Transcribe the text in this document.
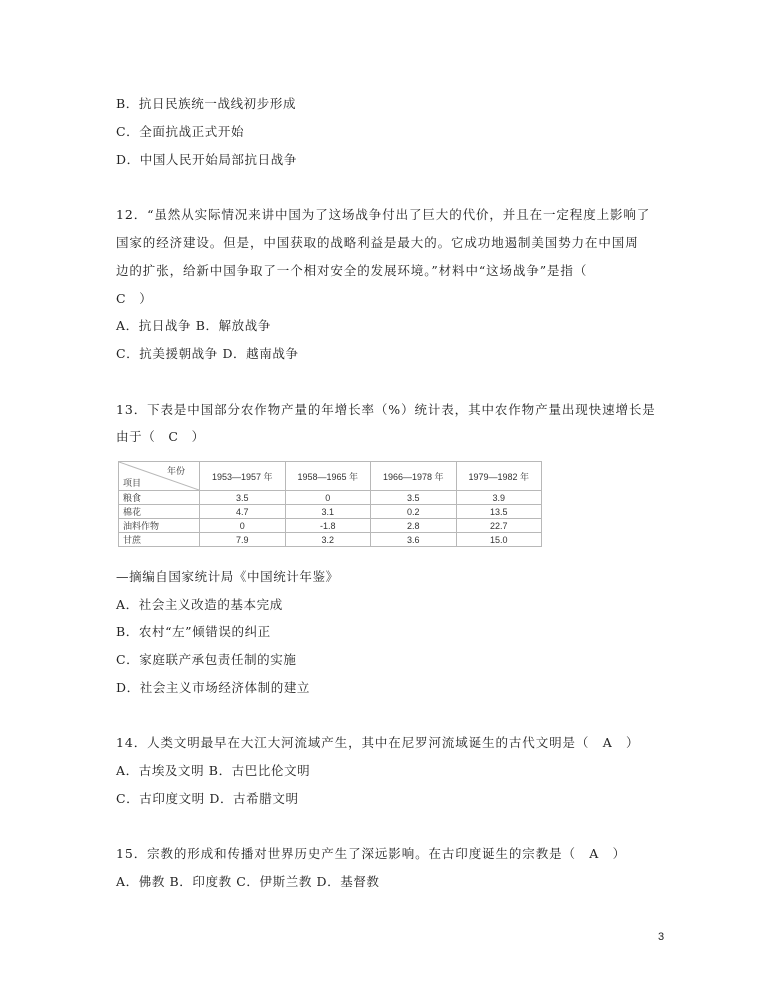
B．抗日民族统一战线初步形成
C．全面抗战正式开始
D．中国人民开始局部抗日战争
12．“虽然从实际情况来讲中国为了这场战争付出了巨大的代价，并且在一定程度上影响了
国家的经济建设。但是，中国获取的战略利益是最大的。它成功地遏制美国势力在中国周
边的扩张，给新中国争取了一个相对安全的发展环境。”材料中“这场战争”是指（
C　）
A．抗日战争 B．解放战争
C．抗美援朝战争 D．越南战争
13．下表是中国部分农作物产量的年增长率（%）统计表，其中农作物产量出现快速增长是
由于（　C　）
年份
项目	1953—1957 年	1958—1965 年	1966—1978 年	1979—1982 年
粮食	3.5	0	3.5	3.9
棉花	4.7	3.1	0.2	13.5
油料作物	0	-1.8	2.8	22.7
甘蔗	7.9	3.2	3.6	15.0
—摘编自国家统计局《中国统计年鉴》
A．社会主义改造的基本完成
B．农村“左”倾错误的纠正
C．家庭联产承包责任制的实施
D．社会主义市场经济体制的建立
14．人类文明最早在大江大河流域产生，其中在尼罗河流域诞生的古代文明是（　A　）
A．古埃及文明 B．古巴比伦文明
C．古印度文明 D．古希腊文明
15．宗教的形成和传播对世界历史产生了深远影响。在古印度诞生的宗教是（　A　）
A．佛教 B．印度教 C．伊斯兰教 D．基督教
3
